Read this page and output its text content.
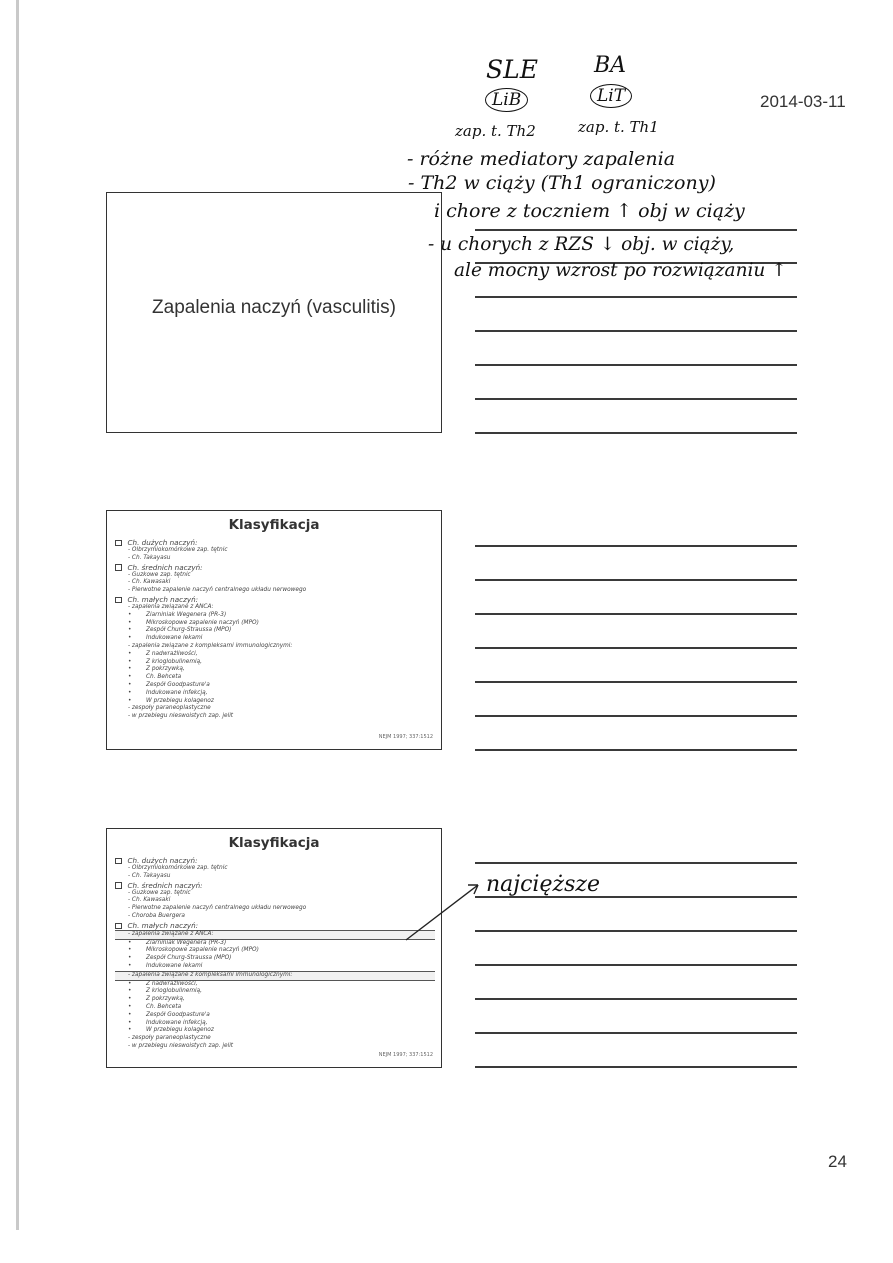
2014-03-11
Zapalenia naczyń (vasculitis)
Klasyfikacja
Ch. dużych naczyń:
- Olbrzymiokomórkowe zap. tętnic
- Ch. Takayasu
Ch. średnich naczyń:
- Guzkowe zap. tętnic
- Ch. Kawasaki
- Pierwotne zapalenie naczyń centralnego układu nerwowego
Ch. małych naczyń:
- zapalenia związane z ANCA:
• Ziarniniak Wegenera (PR-3)
• Mikroskopowe zapalenie naczyń (MPO)
• Zespół Churg-Straussa (MPO)
• Indukowane lekami
- zapalenia związane z kompleksami immunologicznymi:
• Z nadwrażliwości,
• Z krioglobulinemią,
• Z pokrzywką,
• Ch. Behceta
• Zespół Goodpasture'a
• Indukowane infekcją,
• W przebiegu kolagenoz
- zespoły paraneoplastyczne
- w przebiegu nieswoistych zap. jelit
NEJM 1997; 337:1512
Klasyfikacja
Ch. dużych naczyń:
- Olbrzymiokomórkowe zap. tętnic
- Ch. Takayasu
Ch. średnich naczyń:
- Guzkowe zap. tętnic
- Ch. Kawasaki
- Pierwotne zapalenie naczyń centralnego układu nerwowego
- Choroba Buergera
Ch. małych naczyń:
- zapalenia związane z ANCA:
• Ziarniniak Wegenera (PR-3)
• Mikroskopowe zapalenie naczyń (MPO)
• Zespół Churg-Straussa (MPO)
• Indukowane lekami
- zapalenia związane z kompleksami immunologicznymi:
• Z nadwrażliwości,
• Z krioglobulinemią,
• Z pokrzywką,
• Ch. Behceta
• Zespół Goodpasture'a
• Indukowane infekcją,
• W przebiegu kolagenoz
- zespoły paraneoplastyczne
- w przebiegu nieswoistych zap. jelit
NEJM 1997; 337:1512
SLE
LiB
zap. t. Th2
BA
LiT
zap. t. Th1
- różne mediatory zapalenia
- Th2 w ciąży (Th1 ograniczony)
i chore z toczniem ↑ obj w ciąży
- u chorych z RZS ↓ obj. w ciąży,
ale mocny wzrost po rozwiązaniu ↑
najcięższe
24
